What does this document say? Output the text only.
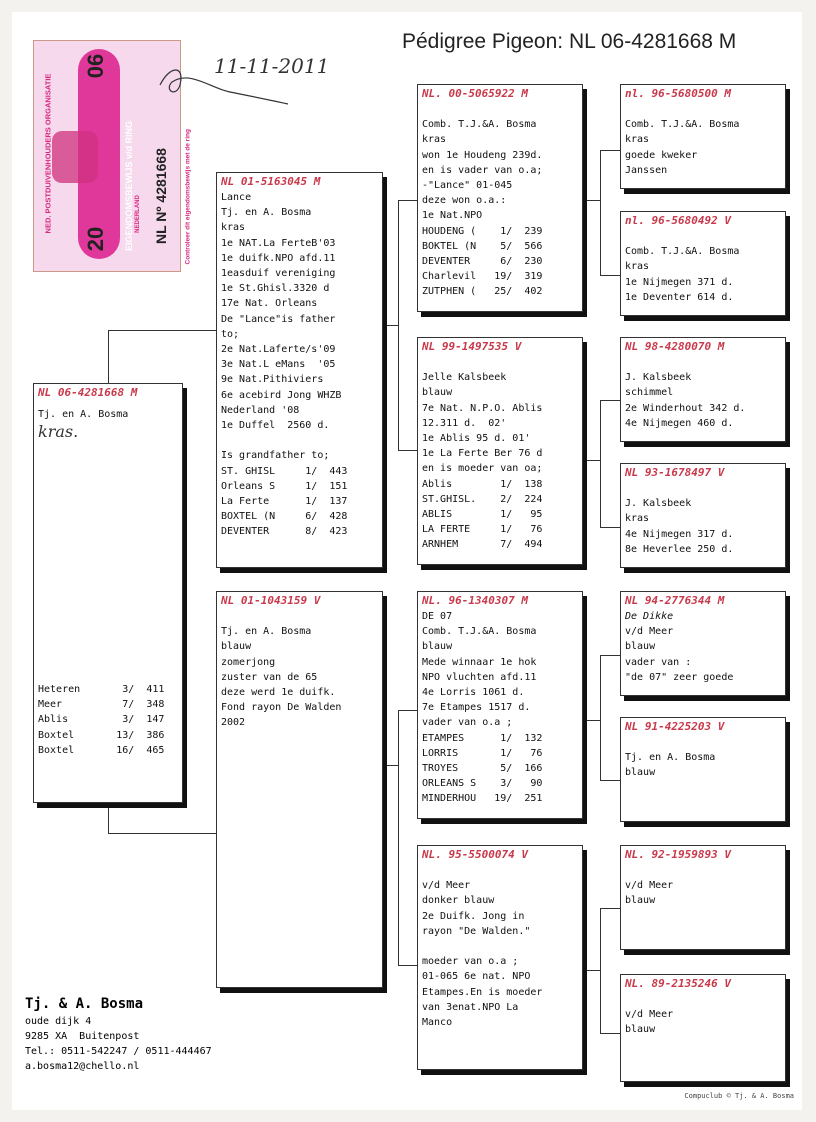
Pédigree Pigeon: NL 06-4281668 M
NED. POSTDUIVENHOUDERS ORGANISATIE
20
06
EIGENDOMSBEWIJS v/d RING NEDERLAND
NL Nº 4281668 Controleer dit eigendomsbewijs met de ring
11-11-2011
NL 06-4281668 M
Tj. en A. Bosma
kras.
Heteren       3/  411
Meer          7/  348
Ablis         3/  147
Boxtel       13/  386
Boxtel       16/  465
NL 01-5163045 M
Lance
Tj. en A. Bosma
kras
1e NAT.La FerteB'03
1e duifk.NPO afd.11
1easduif vereniging
1e St.Ghisl.3320 d
17e Nat. Orleans
De "Lance"is father
to;
2e Nat.Laferte/s'09
3e Nat.L eMans  '05
9e Nat.Pithiviers
6e acebird Jong WHZB
Nederland '08
1e Duffel  2560 d.
Is grandfather to;
ST. GHISL     1/  443
Orleans S     1/  151
La Ferte      1/  137
BOXTEL (N     6/  428
DEVENTER      8/  423
NL 01-1043159 V
Tj. en A. Bosma
blauw
zomerjong
zuster van de 65
deze werd 1e duifk.
Fond rayon De Walden
2002
NL. 00-5065922 M
Comb. T.J.&A. Bosma
kras
won 1e Houdeng 239d.
en is vader van o.a;
-"Lance" 01-045
deze won o.a.:
1e Nat.NPO
HOUDENG (    1/  239
BOKTEL (N    5/  566
DEVENTER     6/  230
Charlevil   19/  319
ZUTPHEN (   25/  402
NL 99-1497535 V
Jelle Kalsbeek
blauw
7e Nat. N.P.O. Ablis
12.311 d.  02'
1e Ablis 95 d. 01'
1e La Ferte Ber 76 d
en is moeder van oa;
Ablis        1/  138
ST.GHISL.    2/  224
ABLIS        1/   95
LA FERTE     1/   76
ARNHEM       7/  494
NL. 96-1340307 M
DE 07
Comb. T.J.&A. Bosma
blauw
Mede winnaar 1e hok
NPO vluchten afd.11
4e Lorris 1061 d.
7e Etampes 1517 d.
vader van o.a ;
ETAMPES      1/  132
LORRIS       1/   76
TROYES       5/  166
ORLEANS S    3/   90
MINDERHOU   19/  251
NL. 95-5500074 V
v/d Meer
donker blauw
2e Duifk. Jong in
rayon "De Walden."
moeder van o.a ;
01-065 6e nat. NPO
Etampes.En is moeder
van 3enat.NPO La
Manco
nl. 96-5680500 M
Comb. T.J.&A. Bosma
kras
goede kweker
Janssen
nl. 96-5680492 V
Comb. T.J.&A. Bosma
kras
1e Nijmegen 371 d.
1e Deventer 614 d.
NL 98-4280070 M
J. Kalsbeek
schimmel
2e Winderhout 342 d.
4e Nijmegen 460 d.
NL 93-1678497 V
J. Kalsbeek
kras
4e Nijmegen 317 d.
8e Heverlee 250 d.
NL 94-2776344 M
De Dikke
v/d Meer
blauw
vader van :
"de 07" zeer goede
NL 91-4225203 V
Tj. en A. Bosma
blauw
NL. 92-1959893 V
v/d Meer
blauw
NL. 89-2135246 V
v/d Meer
blauw
Tj. & A. Bosma
oude dijk 4
9285 XA  Buitenpost
Tel.: 0511-542247 / 0511-444467
a.bosma12@chello.nl
Compuclub © Tj. & A. Bosma
